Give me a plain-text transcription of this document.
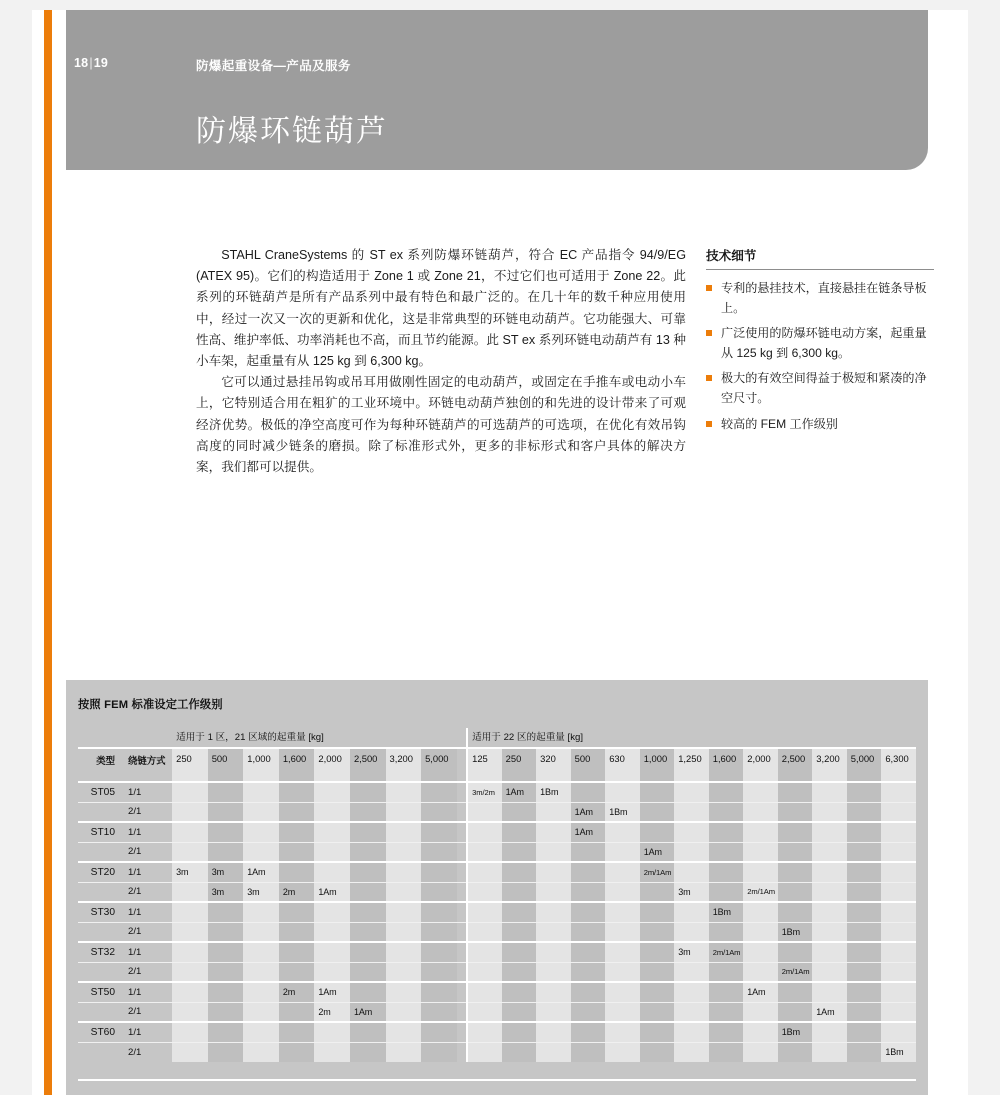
18|19	防爆起重设备—产品及服务
防爆环链葫芦

STAHL CraneSystems 的 ST ex 系列防爆环链葫芦，符合 EC 产品指令 94/9/EG (ATEX 95)。它们的构造适用于 Zone 1 或 Zone 21，不过它们也可适用于 Zone 22。此系列的环链葫芦是所有产品系列中最有特色和最广泛的。在几十年的数千种应用使用中，经过一次又一次的更新和优化，这是非常典型的环链电动葫芦。它功能强大、可靠性高、维护率低、功率消耗也不高，而且节约能源。此 ST ex 系列环链电动葫芦有 13 种小车架，起重量有从 125 kg 到 6,300 kg。

它可以通过悬挂吊钩或吊耳用做刚性固定的电动葫芦，或固定在手推车或电动小车上，它特别适合用在粗犷的工业环境中。环链电动葫芦独创的和先进的设计带来了可观经济优势。极低的净空高度可作为每种环链葫芦的可选葫芦的可选项，在优化有效吊钩高度的同时减少链条的磨损。除了标准形式外，更多的非标形式和客户具体的解决方案，我们都可以提供。

技术细节
专利的悬挂技术，直接悬挂在链条导板上。
广泛使用的防爆环链电动方案，起重量从 125 kg 到 6,300 kg。
极大的有效空间得益于极短和紧凑的净空尺寸。
较高的 FEM 工作级别
按照 FEM 标准设定工作级别
		适用于 1 区，21 区域的起重量 [kg]									适用于 22 区的起重量 [kg]												
类型	绕链方式	250	500	1,000	1,600	2,000	2,500	3,200	5,000		125	250	320	500	630	1,000	1,250	1,600	2,000	2,500	3,200	5,000	6,300
ST05	1/1										3m/2m	1Am	1Bm										
	2/1													1Am	1Bm								
ST10	1/1													1Am									
	2/1															1Am							
ST20	1/1	3m	3m	1Am												2m/1Am							
	2/1		3m	3m	2m	1Am											3m		2m/1Am				
ST30	1/1																	1Bm					
	2/1																			1Bm			
ST32	1/1																3m	2m/1Am					
	2/1																			2m/1Am			
ST50	1/1				2m	1Am													1Am				
	2/1					2m	1Am														1Am		
ST60	1/1																			1Bm			
	2/1																						1Bm
